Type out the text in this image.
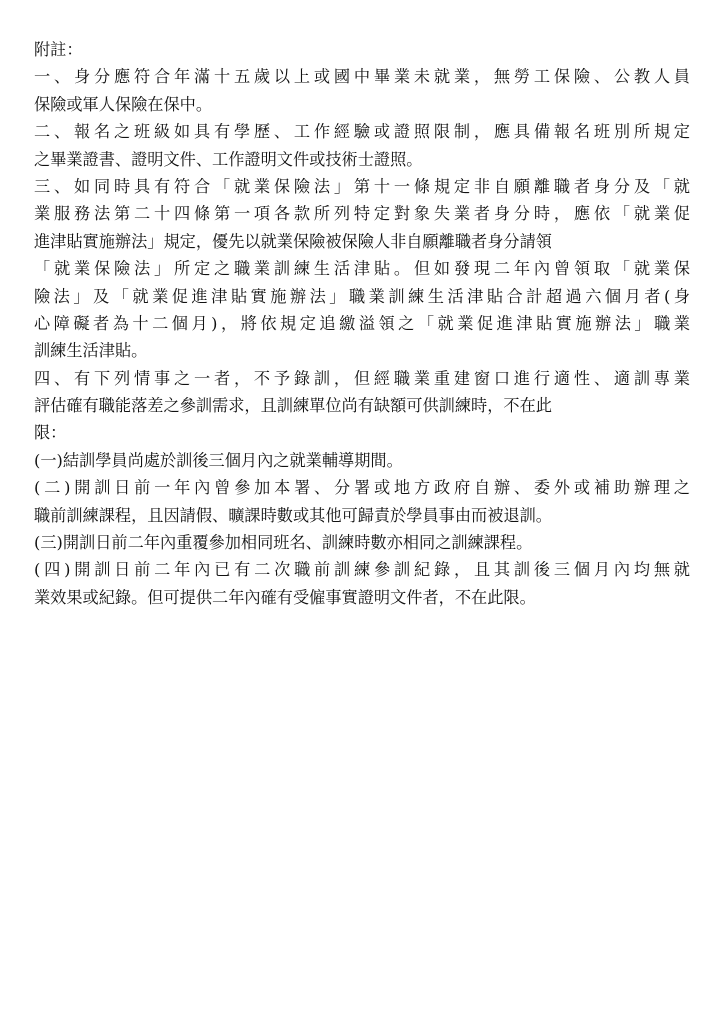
附註：
一、身分應符合年滿十五歲以上或國中畢業未就業，無勞工保險、公教人員
保險或軍人保險在保中。
二、報名之班級如具有學歷、工作經驗或證照限制，應具備報名班別所規定
之畢業證書、證明文件、工作證明文件或技術士證照。
三、如同時具有符合「就業保險法」第十一條規定非自願離職者身分及「就
業服務法第二十四條第一項各款所列特定對象失業者身分時，應依「就業促
進津貼實施辦法」規定，優先以就業保險被保險人非自願離職者身分請領
「就業保險法」所定之職業訓練生活津貼。但如發現二年內曾領取「就業保
險法」及「就業促進津貼實施辦法」職業訓練生活津貼合計超過六個月者(身
心障礙者為十二個月)，將依規定追繳溢領之「就業促進津貼實施辦法」職業
訓練生活津貼。
四、有下列情事之一者，不予錄訓，但經職業重建窗口進行適性、適訓專業
評估確有職能落差之參訓需求，且訓練單位尚有缺額可供訓練時，不在此
限：
(一)結訓學員尚處於訓後三個月內之就業輔導期間。
(二)開訓日前一年內曾參加本署、分署或地方政府自辦、委外或補助辦理之
職前訓練課程，且因請假、曠課時數或其他可歸責於學員事由而被退訓。
(三)開訓日前二年內重覆參加相同班名、訓練時數亦相同之訓練課程。
(四)開訓日前二年內已有二次職前訓練參訓紀錄，且其訓後三個月內均無就
業效果或紀錄。但可提供二年內確有受僱事實證明文件者，不在此限。
